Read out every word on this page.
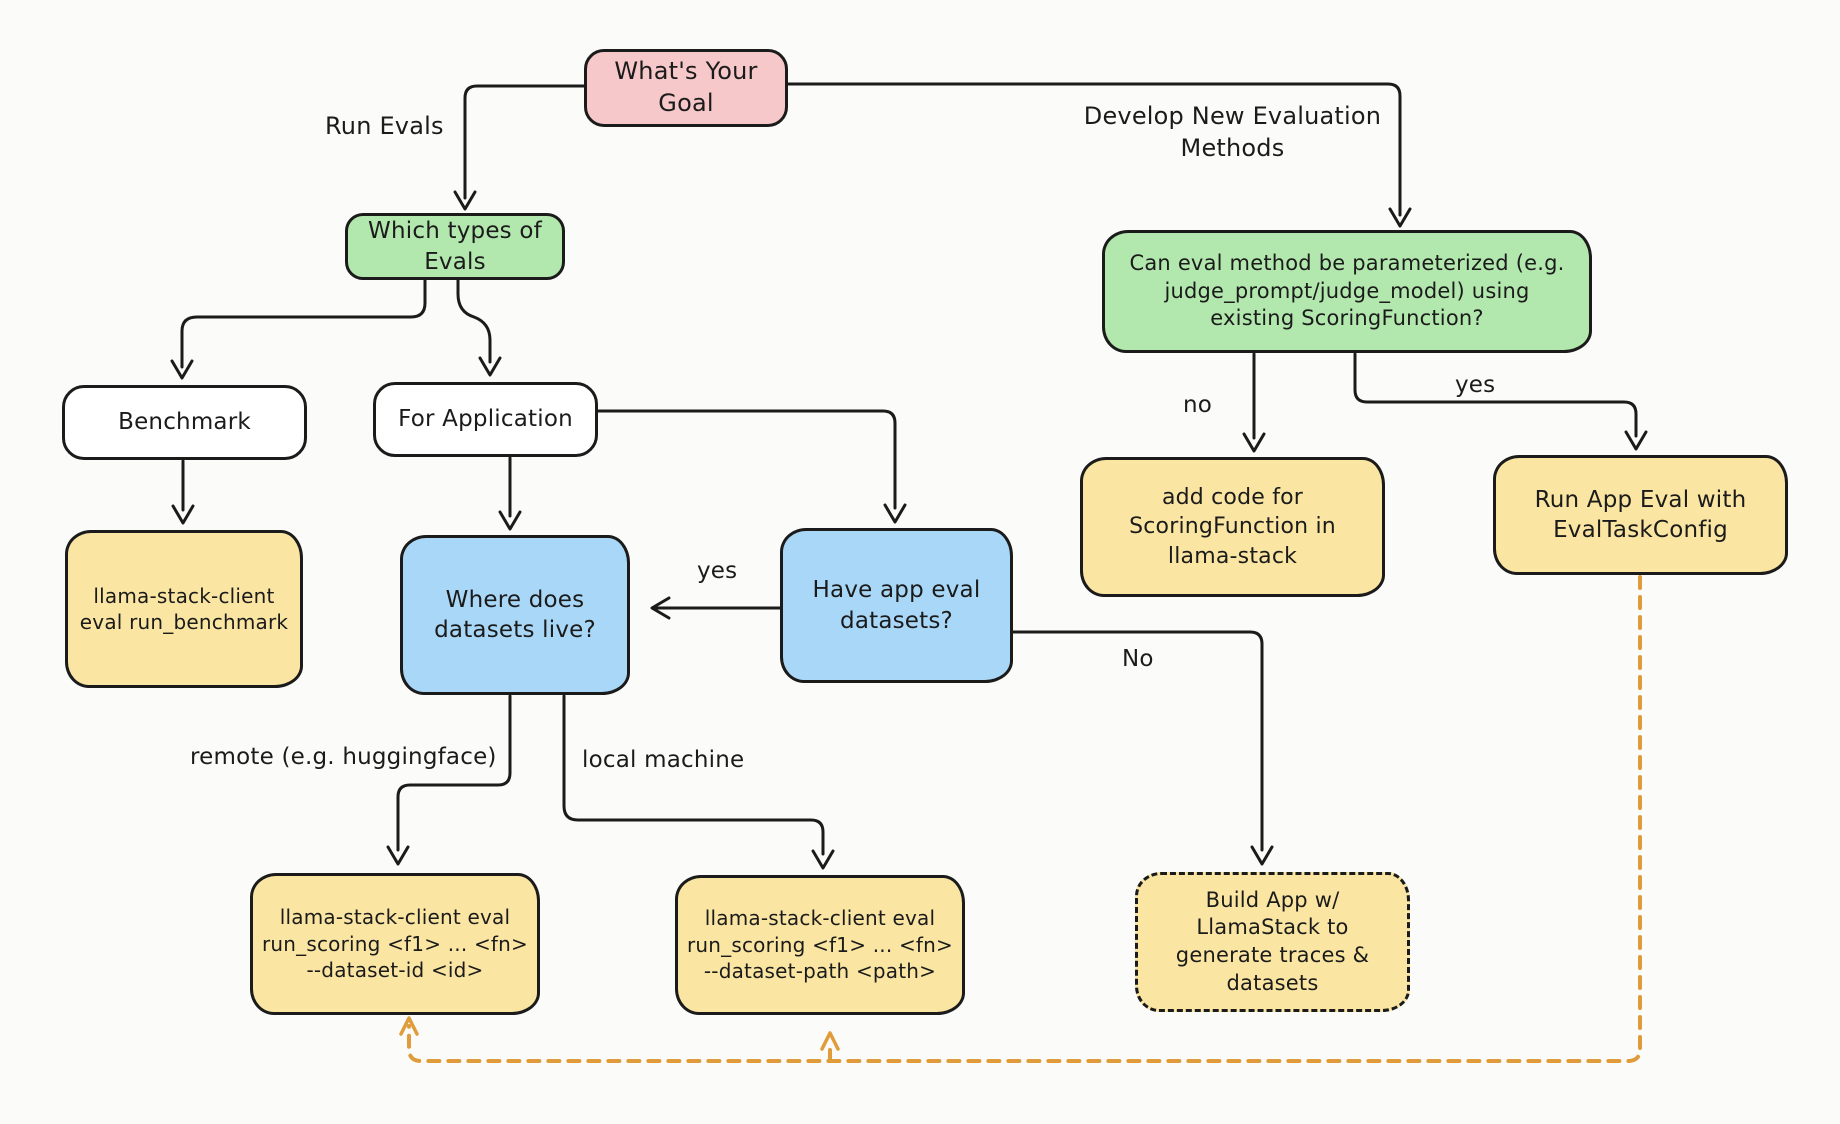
What's Your
Goal
Which types of
Evals
Benchmark	For Application
llama-stack-client
eval run_benchmark
Where does
datasets live?
Have app eval
datasets?
Can eval method be parameterized (e.g.
judge_prompt/judge_model) using
existing ScoringFunction?
add code for
ScoringFunction in
llama-stack
Run App Eval with
EvalTaskConfig
llama-stack-client eval
run_scoring <f1> ... <fn>
--dataset-id <id>
llama-stack-client eval
run_scoring <f1> ... <fn>
--dataset-path <path>
Build App w/
LlamaStack to
generate traces &
datasets
Run Evals	Develop New Evaluation
Methods
no
yes
yes
No
remote (e.g. huggingface)	local machine
